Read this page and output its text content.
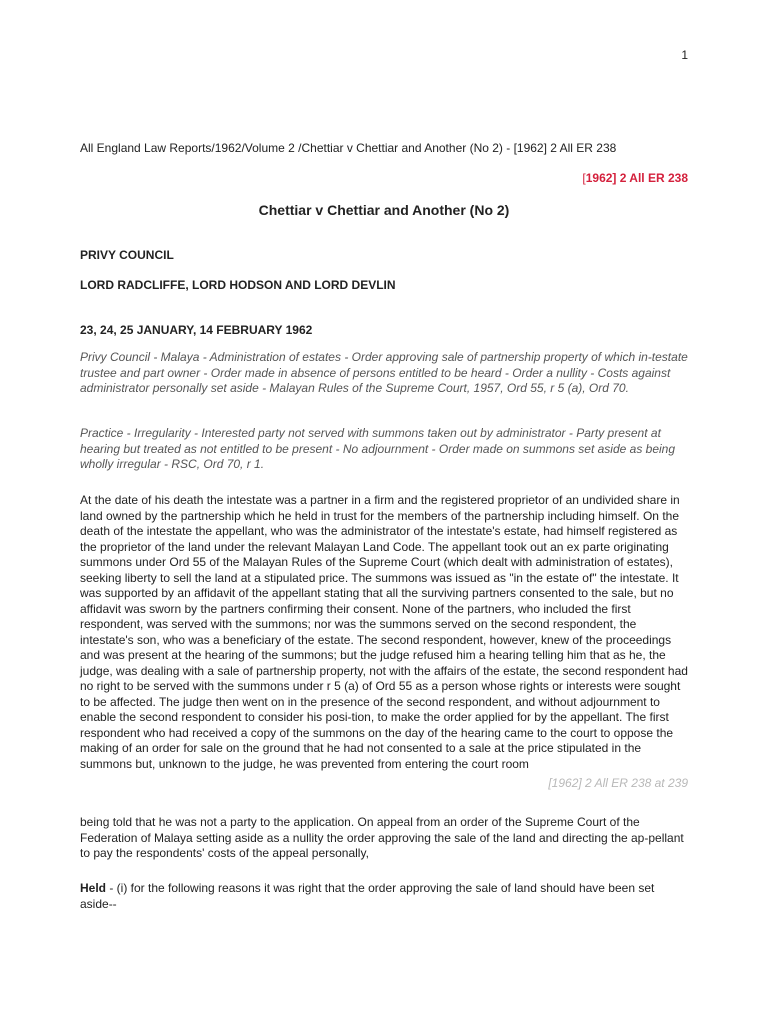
1
All England Law Reports/1962/Volume 2 /Chettiar v Chettiar and Another (No 2) - [1962] 2 All ER 238
[1962] 2 All ER 238
Chettiar v Chettiar and Another (No 2)
PRIVY COUNCIL
LORD RADCLIFFE, LORD HODSON AND LORD DEVLIN
23, 24, 25 JANUARY, 14 FEBRUARY 1962

Privy Council - Malaya - Administration of estates - Order approving sale of partnership property of which in-testate trustee and part owner - Order made in absence of persons entitled to be heard - Order a nullity - Costs against administrator personally set aside - Malayan Rules of the Supreme Court, 1957, Ord 55, r 5 (a), Ord 70.

Practice - Irregularity - Interested party not served with summons taken out by administrator - Party present at hearing but treated as not entitled to be present - No adjournment - Order made on summons set aside as being wholly irregular - RSC, Ord 70, r 1.

At the date of his death the intestate was a partner in a firm and the registered proprietor of an undivided share in land owned by the partnership which he held in trust for the members of the partnership including himself. On the death of the intestate the appellant, who was the administrator of the intestate's estate, had himself registered as the proprietor of the land under the relevant Malayan Land Code. The appellant took out an ex parte originating summons under Ord 55 of the Malayan Rules of the Supreme Court (which dealt with administration of estates), seeking liberty to sell the land at a stipulated price. The summons was issued as "in the estate of" the intestate. It was supported by an affidavit of the appellant stating that all the surviving partners consented to the sale, but no affidavit was sworn by the partners confirming their consent. None of the partners, who included the first respondent, was served with the summons; nor was the summons served on the second respondent, the intestate's son, who was a beneficiary of the estate. The second respondent, however, knew of the proceedings and was present at the hearing of the summons; but the judge refused him a hearing telling him that as he, the judge, was dealing with a sale of partnership property, not with the affairs of the estate, the second respondent had no right to be served with the summons under r 5 (a) of Ord 55 as a person whose rights or interests were sought to be affected. The judge then went on in the presence of the second respondent, and without adjournment to enable the second respondent to consider his posi-tion, to make the order applied for by the appellant. The first respondent who had received a copy of the summons on the day of the hearing came to the court to oppose the making of an order for sale on the ground that he had not consented to a sale at the price stipulated in the summons but, unknown to the judge, he was prevented from entering the court room

[1962] 2 All ER 238 at 239

being told that he was not a party to the application. On appeal from an order of the Supreme Court of the Federation of Malaya setting aside as a nullity the order approving the sale of the land and directing the ap-pellant to pay the respondents' costs of the appeal personally,

Held - (i) for the following reasons it was right that the order approving the sale of land should have been set aside--
